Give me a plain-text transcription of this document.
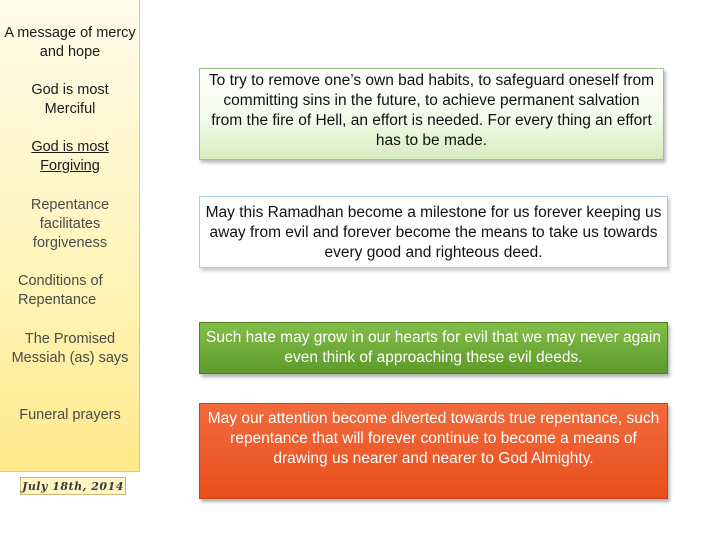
A message of mercy and hope
God is most Merciful
God is most Forgiving
Repentance facilitates forgiveness
Conditions of Repentance
The Promised Messiah (as) says
Funeral prayers
July 18th, 2014
To try to remove one’s own bad habits, to safeguard oneself from committing sins in the future, to achieve permanent salvation from the fire of Hell, an effort is needed. For every thing an effort has to be made.
May this Ramadhan become a milestone for us forever keeping us away from evil and forever become the means to take us towards every good and righteous deed.
Such hate may grow in our hearts for evil that we may never again even think of approaching these evil deeds.
May our attention become diverted towards true repentance, such repentance that will forever continue to become a means of drawing us nearer and nearer to God Almighty.
